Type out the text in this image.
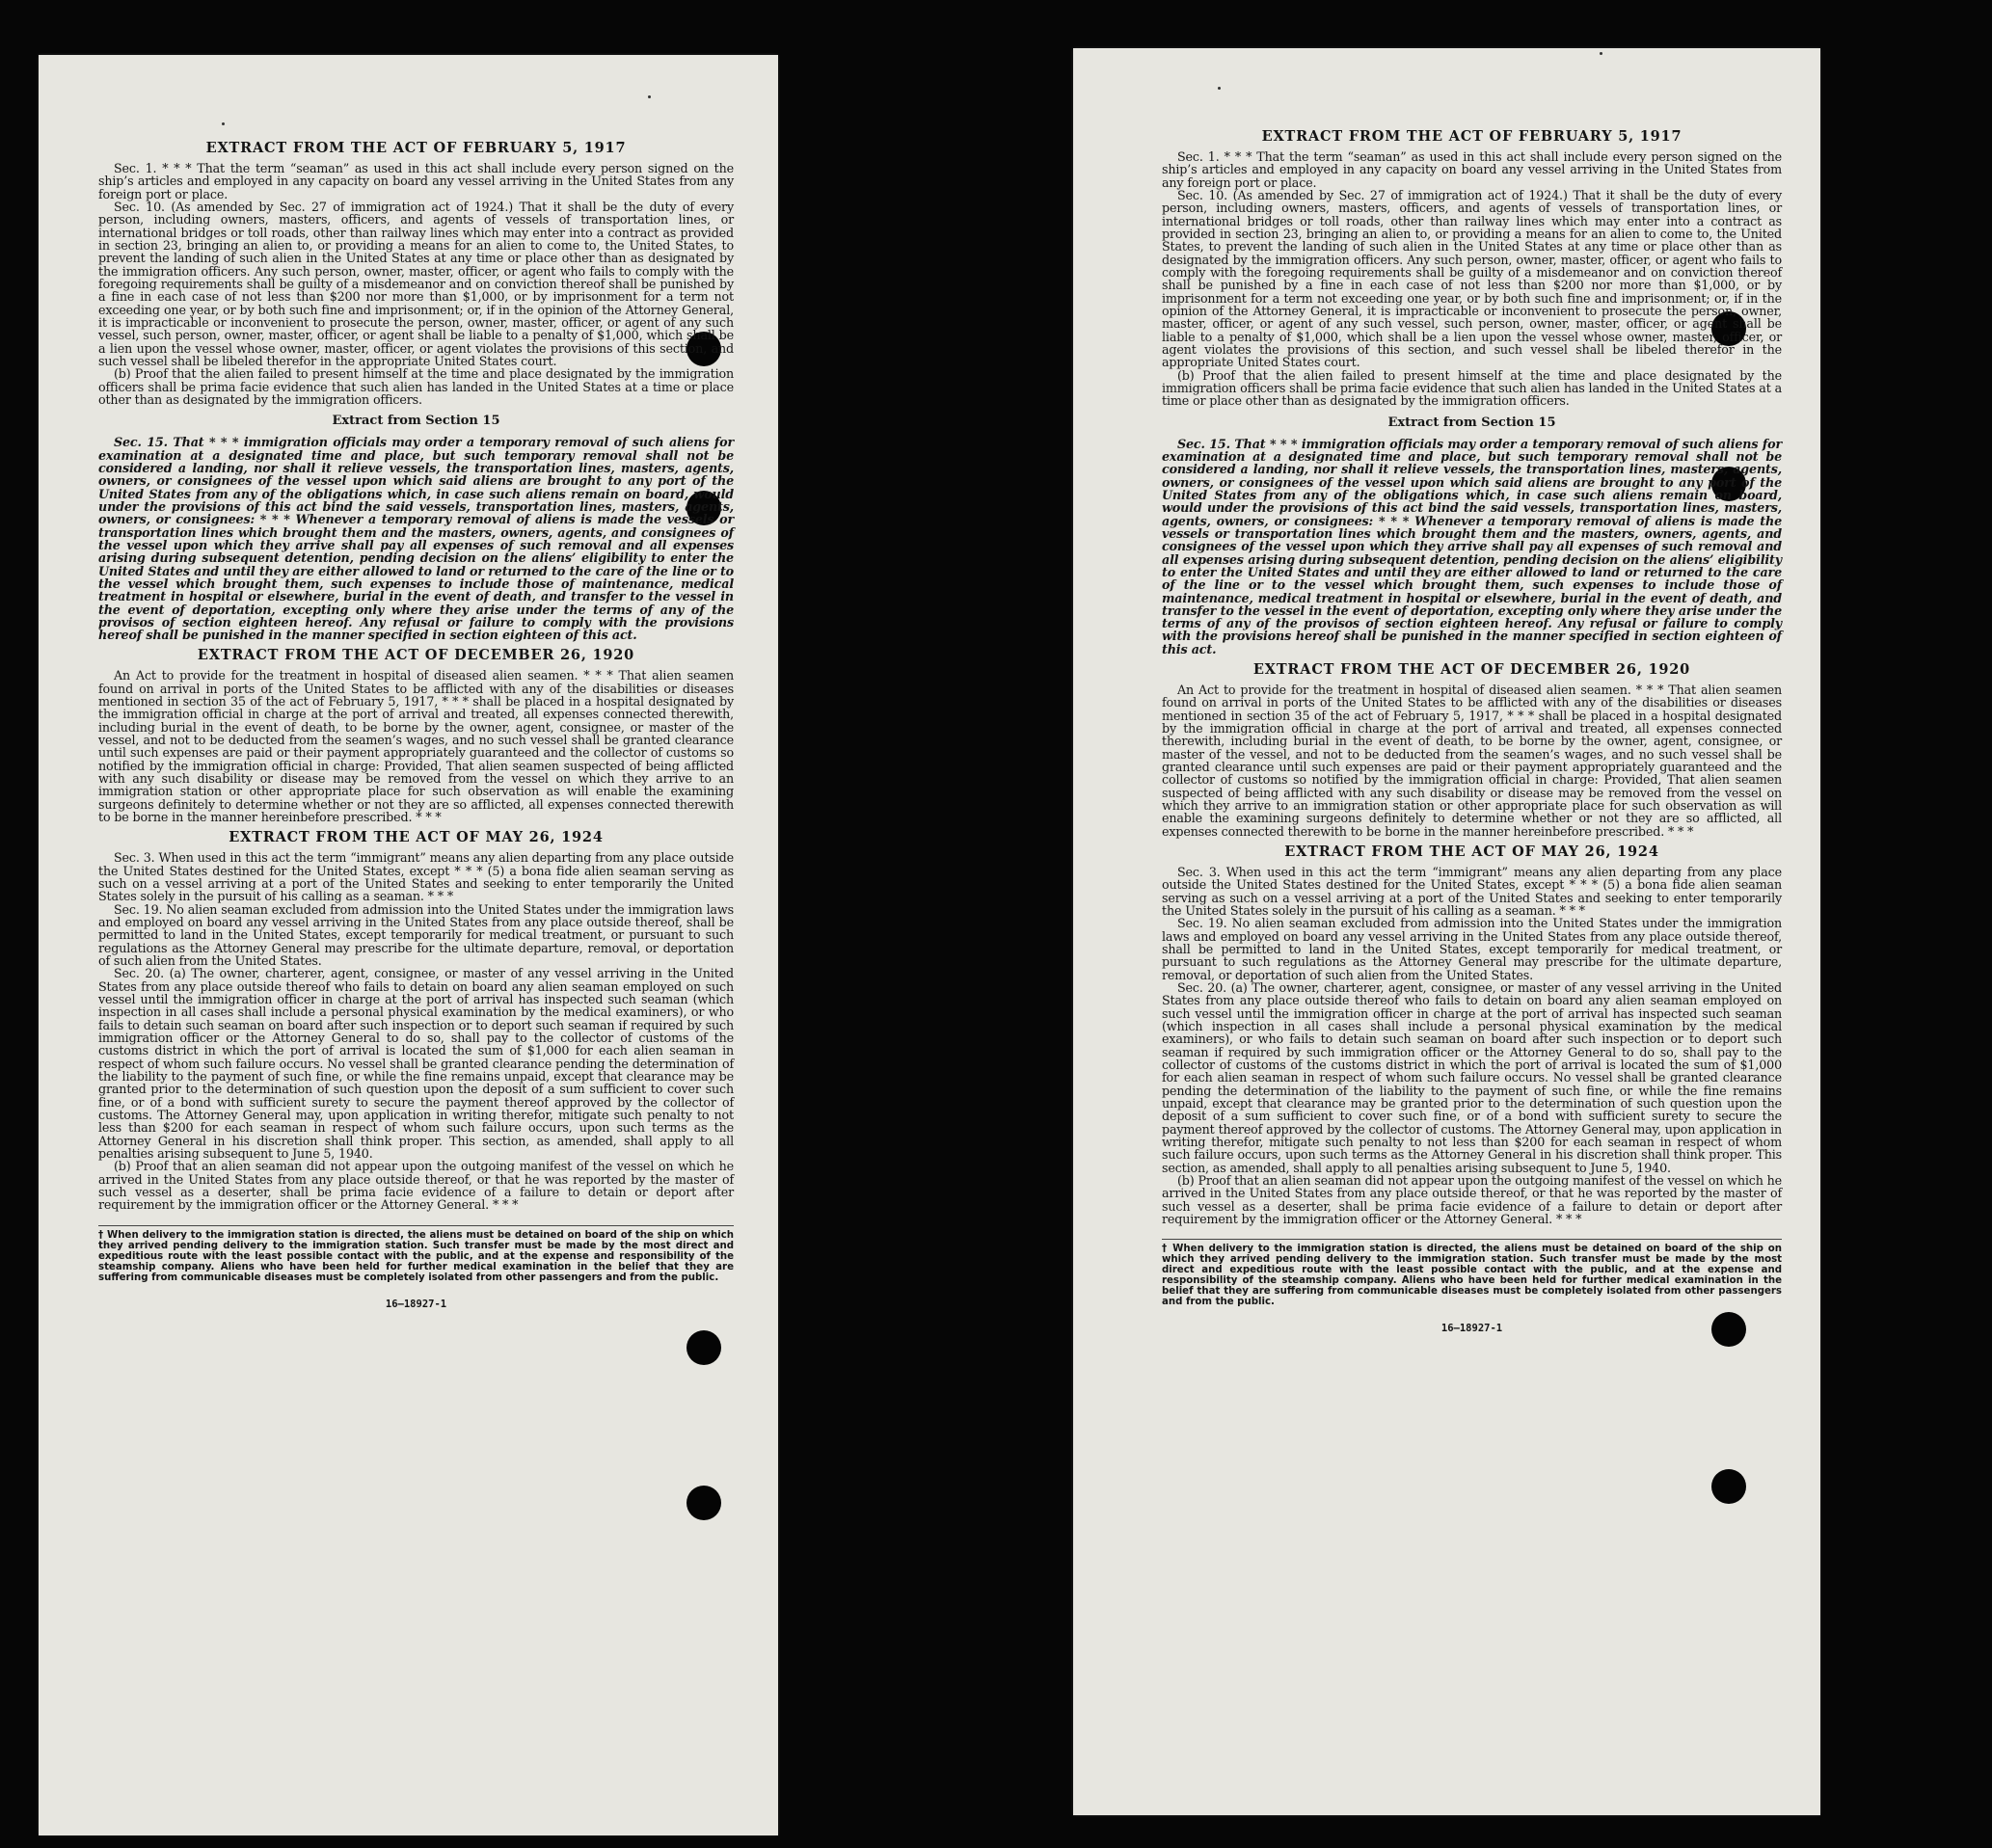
EXTRACT FROM THE ACT OF FEBRUARY 5, 1917

Sec. 1. * * * That the term “seaman” as used in this act shall include every person signed on the ship’s articles and employed in any capacity on board any vessel arriving in the United States from any foreign port or place.

Sec. 10. (As amended by Sec. 27 of immigration act of 1924.) That it shall be the duty of every person, including owners, masters, officers, and agents of vessels of transportation lines, or international bridges or toll roads, other than railway lines which may enter into a contract as provided in section 23, bringing an alien to, or providing a means for an alien to come to, the United States, to prevent the landing of such alien in the United States at any time or place other than as designated by the immigration officers. Any such person, owner, master, officer, or agent who fails to comply with the foregoing requirements shall be guilty of a misdemeanor and on conviction thereof shall be punished by a fine in each case of not less than $200 nor more than $1,000, or by imprisonment for a term not exceeding one year, or by both such fine and imprisonment; or, if in the opinion of the Attorney General, it is impracticable or inconvenient to prosecute the person, owner, master, officer, or agent of any such vessel, such person, owner, master, officer, or agent shall be liable to a penalty of $1,000, which shall be a lien upon the vessel whose owner, master, officer, or agent violates the provisions of this section, and such vessel shall be libeled therefor in the appropriate United States court.

(b) Proof that the alien failed to present himself at the time and place designated by the immigration officers shall be prima facie evidence that such alien has landed in the United States at a time or place other than as designated by the immigration officers.

Extract from Section 15

Sec. 15. That * * * immigration officials may order a temporary removal of such aliens for examination at a designated time and place, but such temporary removal shall not be considered a landing, nor shall it relieve vessels, the transportation lines, masters, agents, owners, or consignees of the vessel upon which said aliens are brought to any port of the United States from any of the obligations which, in case such aliens remain on board, would under the provisions of this act bind the said vessels, transportation lines, masters, agents, owners, or consignees: * * * Whenever a temporary removal of aliens is made the vessels or transportation lines which brought them and the masters, owners, agents, and consignees of the vessel upon which they arrive shall pay all expenses of such removal and all expenses arising during subsequent detention, pending decision on the aliens’ eligibility to enter the United States and until they are either allowed to land or returned to the care of the line or to the vessel which brought them, such expenses to include those of maintenance, medical treatment in hospital or elsewhere, burial in the event of death, and transfer to the vessel in the event of deportation, excepting only where they arise under the terms of any of the provisos of section eighteen hereof. Any refusal or failure to comply with the provisions hereof shall be punished in the manner specified in section eighteen of this act.

EXTRACT FROM THE ACT OF DECEMBER 26, 1920

An Act to provide for the treatment in hospital of diseased alien seamen. * * * That alien seamen found on arrival in ports of the United States to be afflicted with any of the disabilities or diseases mentioned in section 35 of the act of February 5, 1917, * * * shall be placed in a hospital designated by the immigration official in charge at the port of arrival and treated, all expenses connected therewith, including burial in the event of death, to be borne by the owner, agent, consignee, or master of the vessel, and not to be deducted from the seamen’s wages, and no such vessel shall be granted clearance until such expenses are paid or their payment appropriately guaranteed and the collector of customs so notified by the immigration official in charge: Provided, That alien seamen suspected of being afflicted with any such disability or disease may be removed from the vessel on which they arrive to an immigration station or other appropriate place for such observation as will enable the examining surgeons definitely to determine whether or not they are so afflicted, all expenses connected therewith to be borne in the manner hereinbefore prescribed. * * *

EXTRACT FROM THE ACT OF MAY 26, 1924

Sec. 3. When used in this act the term “immigrant” means any alien departing from any place outside the United States destined for the United States, except * * * (5) a bona fide alien seaman serving as such on a vessel arriving at a port of the United States and seeking to enter temporarily the United States solely in the pursuit of his calling as a seaman. * * *

Sec. 19. No alien seaman excluded from admission into the United States under the immigration laws and employed on board any vessel arriving in the United States from any place outside thereof, shall be permitted to land in the United States, except temporarily for medical treatment, or pursuant to such regulations as the Attorney General may prescribe for the ultimate departure, removal, or deportation of such alien from the United States.

Sec. 20. (a) The owner, charterer, agent, consignee, or master of any vessel arriving in the United States from any place outside thereof who fails to detain on board any alien seaman employed on such vessel until the immigration officer in charge at the port of arrival has inspected such seaman (which inspection in all cases shall include a personal physical examination by the medical examiners), or who fails to detain such seaman on board after such inspection or to deport such seaman if required by such immigration officer or the Attorney General to do so, shall pay to the collector of customs of the customs district in which the port of arrival is located the sum of $1,000 for each alien seaman in respect of whom such failure occurs. No vessel shall be granted clearance pending the determination of the liability to the payment of such fine, or while the fine remains unpaid, except that clearance may be granted prior to the determination of such question upon the deposit of a sum sufficient to cover such fine, or of a bond with sufficient surety to secure the payment thereof approved by the collector of customs. The Attorney General may, upon application in writing therefor, mitigate such penalty to not less than $200 for each seaman in respect of whom such failure occurs, upon such terms as the Attorney General in his discretion shall think proper. This section, as amended, shall apply to all penalties arising subsequent to June 5, 1940.

(b) Proof that an alien seaman did not appear upon the outgoing manifest of the vessel on which he arrived in the United States from any place outside thereof, or that he was reported by the master of such vessel as a deserter, shall be prima facie evidence of a failure to detain or deport after requirement by the immigration officer or the Attorney General. * * *

† When delivery to the immigration station is directed, the aliens must be detained on board of the ship on which they arrived pending delivery to the immigration station. Such transfer must be made by the most direct and expeditious route with the least possible contact with the public, and at the expense and responsibility of the steamship company. Aliens who have been held for further medical examination in the belief that they are suffering from communicable diseases must be completely isolated from other passengers and from the public.

16—18927-1
EXTRACT FROM THE ACT OF FEBRUARY 5, 1917

Sec. 1. * * * That the term “seaman” as used in this act shall include every person signed on the ship’s articles and employed in any capacity on board any vessel arriving in the United States from any foreign port or place.

Sec. 10. (As amended by Sec. 27 of immigration act of 1924.) That it shall be the duty of every person, including owners, masters, officers, and agents of vessels of transportation lines, or international bridges or toll roads, other than railway lines which may enter into a contract as provided in section 23, bringing an alien to, or providing a means for an alien to come to, the United States, to prevent the landing of such alien in the United States at any time or place other than as designated by the immigration officers. Any such person, owner, master, officer, or agent who fails to comply with the foregoing requirements shall be guilty of a misdemeanor and on conviction thereof shall be punished by a fine in each case of not less than $200 nor more than $1,000, or by imprisonment for a term not exceeding one year, or by both such fine and imprisonment; or, if in the opinion of the Attorney General, it is impracticable or inconvenient to prosecute the person, owner, master, officer, or agent of any such vessel, such person, owner, master, officer, or agent shall be liable to a penalty of $1,000, which shall be a lien upon the vessel whose owner, master, officer, or agent violates the provisions of this section, and such vessel shall be libeled therefor in the appropriate United States court.

(b) Proof that the alien failed to present himself at the time and place designated by the immigration officers shall be prima facie evidence that such alien has landed in the United States at a time or place other than as designated by the immigration officers.

Extract from Section 15

Sec. 15. That * * * immigration officials may order a temporary removal of such aliens for examination at a designated time and place, but such temporary removal shall not be considered a landing, nor shall it relieve vessels, the transportation lines, masters, agents, owners, or consignees of the vessel upon which said aliens are brought to any port of the United States from any of the obligations which, in case such aliens remain on board, would under the provisions of this act bind the said vessels, transportation lines, masters, agents, owners, or consignees: * * * Whenever a temporary removal of aliens is made the vessels or transportation lines which brought them and the masters, owners, agents, and consignees of the vessel upon which they arrive shall pay all expenses of such removal and all expenses arising during subsequent detention, pending decision on the aliens’ eligibility to enter the United States and until they are either allowed to land or returned to the care of the line or to the vessel which brought them, such expenses to include those of maintenance, medical treatment in hospital or elsewhere, burial in the event of death, and transfer to the vessel in the event of deportation, excepting only where they arise under the terms of any of the provisos of section eighteen hereof. Any refusal or failure to comply with the provisions hereof shall be punished in the manner specified in section eighteen of this act.

EXTRACT FROM THE ACT OF DECEMBER 26, 1920

An Act to provide for the treatment in hospital of diseased alien seamen. * * * That alien seamen found on arrival in ports of the United States to be afflicted with any of the disabilities or diseases mentioned in section 35 of the act of February 5, 1917, * * * shall be placed in a hospital designated by the immigration official in charge at the port of arrival and treated, all expenses connected therewith, including burial in the event of death, to be borne by the owner, agent, consignee, or master of the vessel, and not to be deducted from the seamen’s wages, and no such vessel shall be granted clearance until such expenses are paid or their payment appropriately guaranteed and the collector of customs so notified by the immigration official in charge: Provided, That alien seamen suspected of being afflicted with any such disability or disease may be removed from the vessel on which they arrive to an immigration station or other appropriate place for such observation as will enable the examining surgeons definitely to determine whether or not they are so afflicted, all expenses connected therewith to be borne in the manner hereinbefore prescribed. * * *

EXTRACT FROM THE ACT OF MAY 26, 1924

Sec. 3. When used in this act the term “immigrant” means any alien departing from any place outside the United States destined for the United States, except * * * (5) a bona fide alien seaman serving as such on a vessel arriving at a port of the United States and seeking to enter temporarily the United States solely in the pursuit of his calling as a seaman. * * *

Sec. 19. No alien seaman excluded from admission into the United States under the immigration laws and employed on board any vessel arriving in the United States from any place outside thereof, shall be permitted to land in the United States, except temporarily for medical treatment, or pursuant to such regulations as the Attorney General may prescribe for the ultimate departure, removal, or deportation of such alien from the United States.

Sec. 20. (a) The owner, charterer, agent, consignee, or master of any vessel arriving in the United States from any place outside thereof who fails to detain on board any alien seaman employed on such vessel until the immigration officer in charge at the port of arrival has inspected such seaman (which inspection in all cases shall include a personal physical examination by the medical examiners), or who fails to detain such seaman on board after such inspection or to deport such seaman if required by such immigration officer or the Attorney General to do so, shall pay to the collector of customs of the customs district in which the port of arrival is located the sum of $1,000 for each alien seaman in respect of whom such failure occurs. No vessel shall be granted clearance pending the determination of the liability to the payment of such fine, or while the fine remains unpaid, except that clearance may be granted prior to the determination of such question upon the deposit of a sum sufficient to cover such fine, or of a bond with sufficient surety to secure the payment thereof approved by the collector of customs. The Attorney General may, upon application in writing therefor, mitigate such penalty to not less than $200 for each seaman in respect of whom such failure occurs, upon such terms as the Attorney General in his discretion shall think proper. This section, as amended, shall apply to all penalties arising subsequent to June 5, 1940.

(b) Proof that an alien seaman did not appear upon the outgoing manifest of the vessel on which he arrived in the United States from any place outside thereof, or that he was reported by the master of such vessel as a deserter, shall be prima facie evidence of a failure to detain or deport after requirement by the immigration officer or the Attorney General. * * *

† When delivery to the immigration station is directed, the aliens must be detained on board of the ship on which they arrived pending delivery to the immigration station. Such transfer must be made by the most direct and expeditious route with the least possible contact with the public, and at the expense and responsibility of the steamship company. Aliens who have been held for further medical examination in the belief that they are suffering from communicable diseases must be completely isolated from other passengers and from the public.

16—18927-1
